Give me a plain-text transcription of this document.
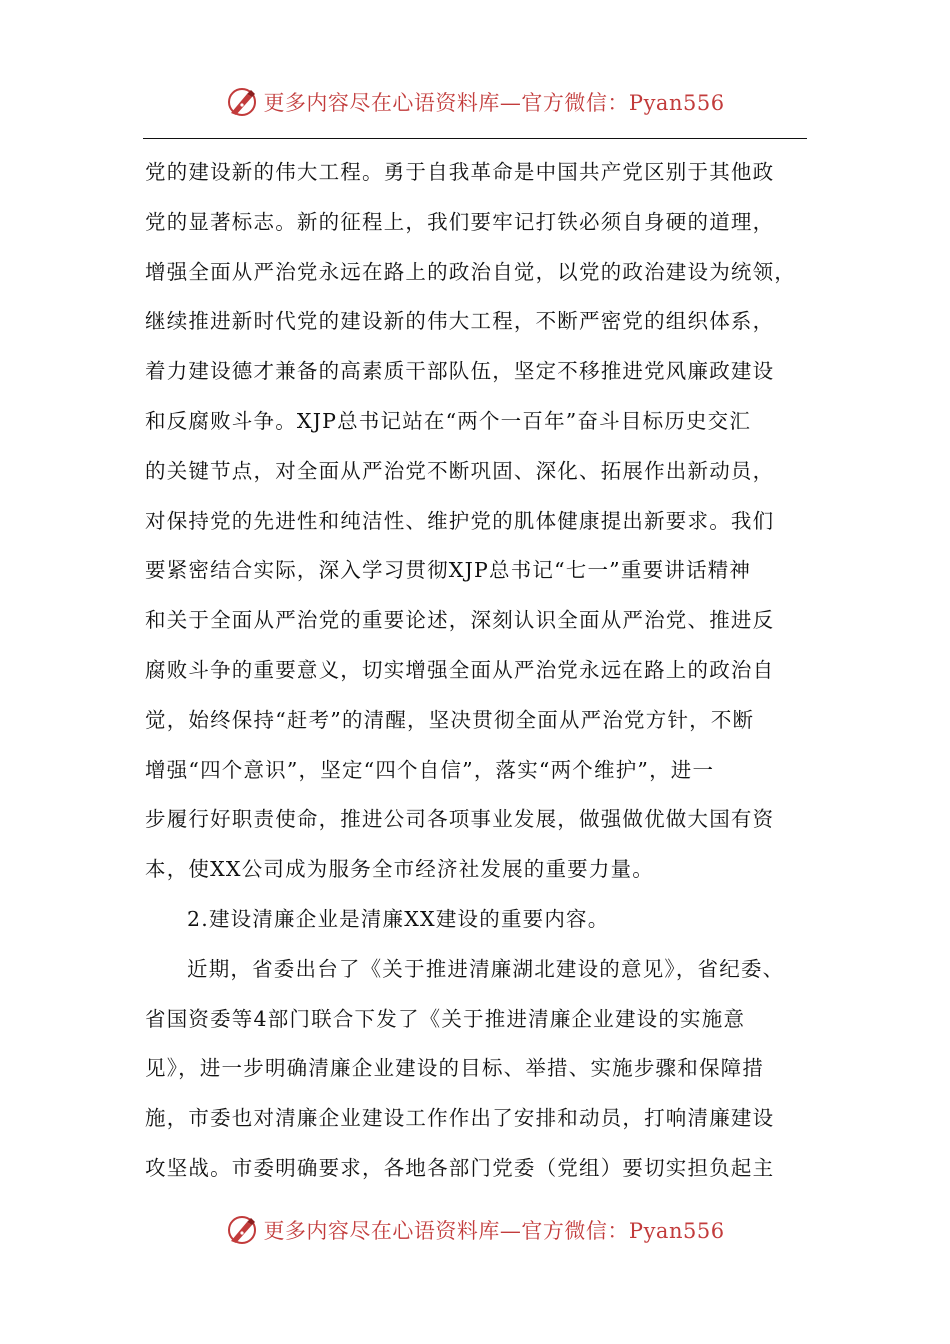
更多内容尽在心语资料库—官方微信：Pyan556
党的建设新的伟大工程。勇于自我革命是中国共产党区别于其他政
党的显著标志。新的征程上，我们要牢记打铁必须自身硬的道理，
增强全面从严治党永远在路上的政治自觉，以党的政治建设为统领，
继续推进新时代党的建设新的伟大工程，不断严密党的组织体系，
着力建设德才兼备的高素质干部队伍，坚定不移推进党风廉政建设
和反腐败斗争。XJP总书记站在“两个一百年”奋斗目标历史交汇
的关键节点，对全面从严治党不断巩固、深化、拓展作出新动员，
对保持党的先进性和纯洁性、维护党的肌体健康提出新要求。我们
要紧密结合实际，深入学习贯彻XJP总书记“七一”重要讲话精神
和关于全面从严治党的重要论述，深刻认识全面从严治党、推进反
腐败斗争的重要意义，切实增强全面从严治党永远在路上的政治自
觉，始终保持“赶考”的清醒，坚决贯彻全面从严治党方针，不断
增强“四个意识”，坚定“四个自信”，落实“两个维护”，进一
步履行好职责使命，推进公司各项事业发展，做强做优做大国有资
本，使XX公司成为服务全市经济社发展的重要力量。
2.建设清廉企业是清廉XX建设的重要内容。
近期，省委出台了《关于推进清廉湖北建设的意见》，省纪委、
省国资委等4部门联合下发了《关于推进清廉企业建设的实施意
见》，进一步明确清廉企业建设的目标、举措、实施步骤和保障措
施，市委也对清廉企业建设工作作出了安排和动员，打响清廉建设
攻坚战。市委明确要求，各地各部门党委（党组）要切实担负起主
更多内容尽在心语资料库—官方微信：Pyan556
